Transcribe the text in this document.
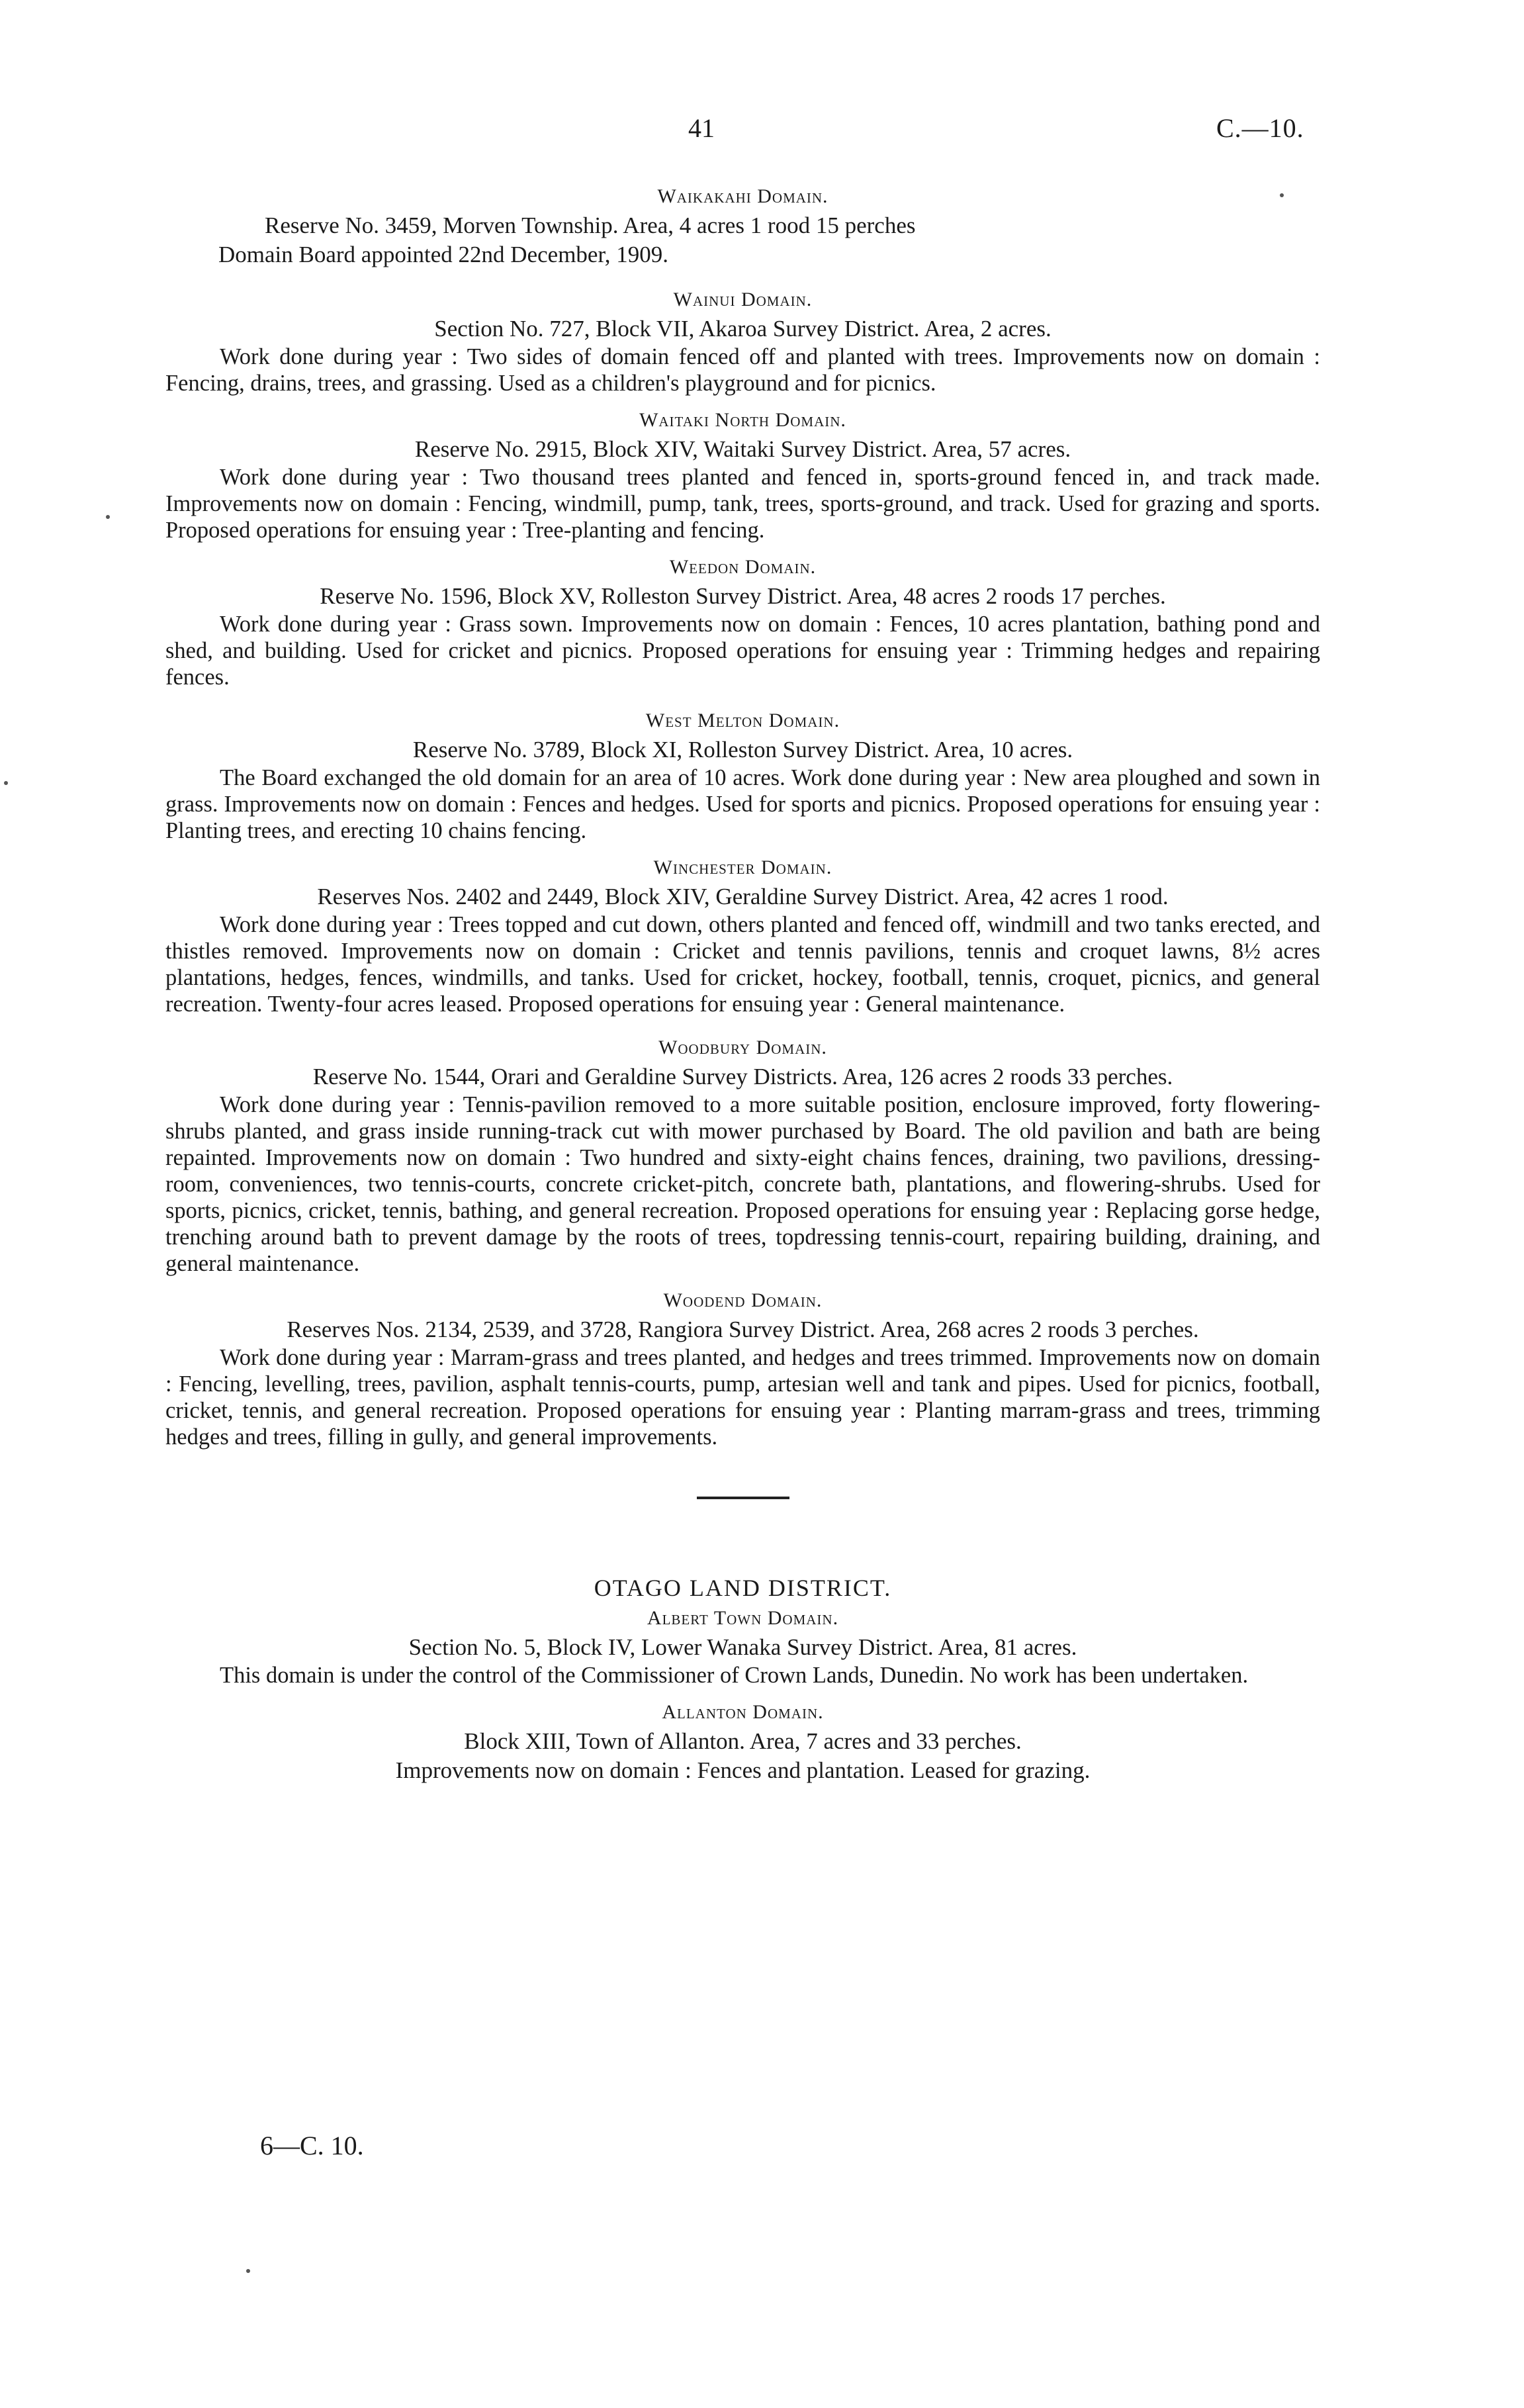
41	C.—10.

Waikakahi Domain.

Reserve No. 3459, Morven Township. Area, 4 acres 1 rood 15 perches

Domain Board appointed 22nd December, 1909.

Wainui Domain.

Section No. 727, Block VII, Akaroa Survey District. Area, 2 acres.

Work done during year : Two sides of domain fenced off and planted with trees. Improvements now on domain : Fencing, drains, trees, and grassing. Used as a children's playground and for picnics.

Waitaki North Domain.

Reserve No. 2915, Block XIV, Waitaki Survey District. Area, 57 acres.

Work done during year : Two thousand trees planted and fenced in, sports-ground fenced in, and track made. Improvements now on domain : Fencing, windmill, pump, tank, trees, sports-ground, and track. Used for grazing and sports. Proposed operations for ensuing year : Tree-planting and fencing.

Weedon Domain.

Reserve No. 1596, Block XV, Rolleston Survey District. Area, 48 acres 2 roods 17 perches.

Work done during year : Grass sown. Improvements now on domain : Fences, 10 acres plantation, bathing pond and shed, and building. Used for cricket and picnics. Proposed operations for ensuing year : Trimming hedges and repairing fences.

West Melton Domain.

Reserve No. 3789, Block XI, Rolleston Survey District. Area, 10 acres.

The Board exchanged the old domain for an area of 10 acres. Work done during year : New area ploughed and sown in grass. Improvements now on domain : Fences and hedges. Used for sports and picnics. Proposed operations for ensuing year : Planting trees, and erecting 10 chains fencing.

Winchester Domain.

Reserves Nos. 2402 and 2449, Block XIV, Geraldine Survey District. Area, 42 acres 1 rood.

Work done during year : Trees topped and cut down, others planted and fenced off, windmill and two tanks erected, and thistles removed. Improvements now on domain : Cricket and tennis pavilions, tennis and croquet lawns, 8½ acres plantations, hedges, fences, windmills, and tanks. Used for cricket, hockey, football, tennis, croquet, picnics, and general recreation. Twenty-four acres leased. Proposed operations for ensuing year : General maintenance.

Woodbury Domain.

Reserve No. 1544, Orari and Geraldine Survey Districts. Area, 126 acres 2 roods 33 perches.

Work done during year : Tennis-pavilion removed to a more suitable position, enclosure improved, forty flowering-shrubs planted, and grass inside running-track cut with mower purchased by Board. The old pavilion and bath are being repainted. Improvements now on domain : Two hundred and sixty-eight chains fences, draining, two pavilions, dressing-room, conveniences, two tennis-courts, concrete cricket-pitch, concrete bath, plantations, and flowering-shrubs. Used for sports, picnics, cricket, tennis, bathing, and general recreation. Proposed operations for ensuing year : Replacing gorse hedge, trenching around bath to prevent damage by the roots of trees, topdressing tennis-court, repairing building, draining, and general maintenance.

Woodend Domain.

Reserves Nos. 2134, 2539, and 3728, Rangiora Survey District. Area, 268 acres 2 roods 3 perches.

Work done during year : Marram-grass and trees planted, and hedges and trees trimmed. Improvements now on domain : Fencing, levelling, trees, pavilion, asphalt tennis-courts, pump, artesian well and tank and pipes. Used for picnics, football, cricket, tennis, and general recreation. Proposed operations for ensuing year : Planting marram-grass and trees, trimming hedges and trees, filling in gully, and general improvements.

OTAGO LAND DISTRICT.

Albert Town Domain.

Section No. 5, Block IV, Lower Wanaka Survey District. Area, 81 acres.

This domain is under the control of the Commissioner of Crown Lands, Dunedin. No work has been undertaken.

Allanton Domain.

Block XIII, Town of Allanton. Area, 7 acres and 33 perches.

Improvements now on domain : Fences and plantation. Leased for grazing.

6—C. 10.
